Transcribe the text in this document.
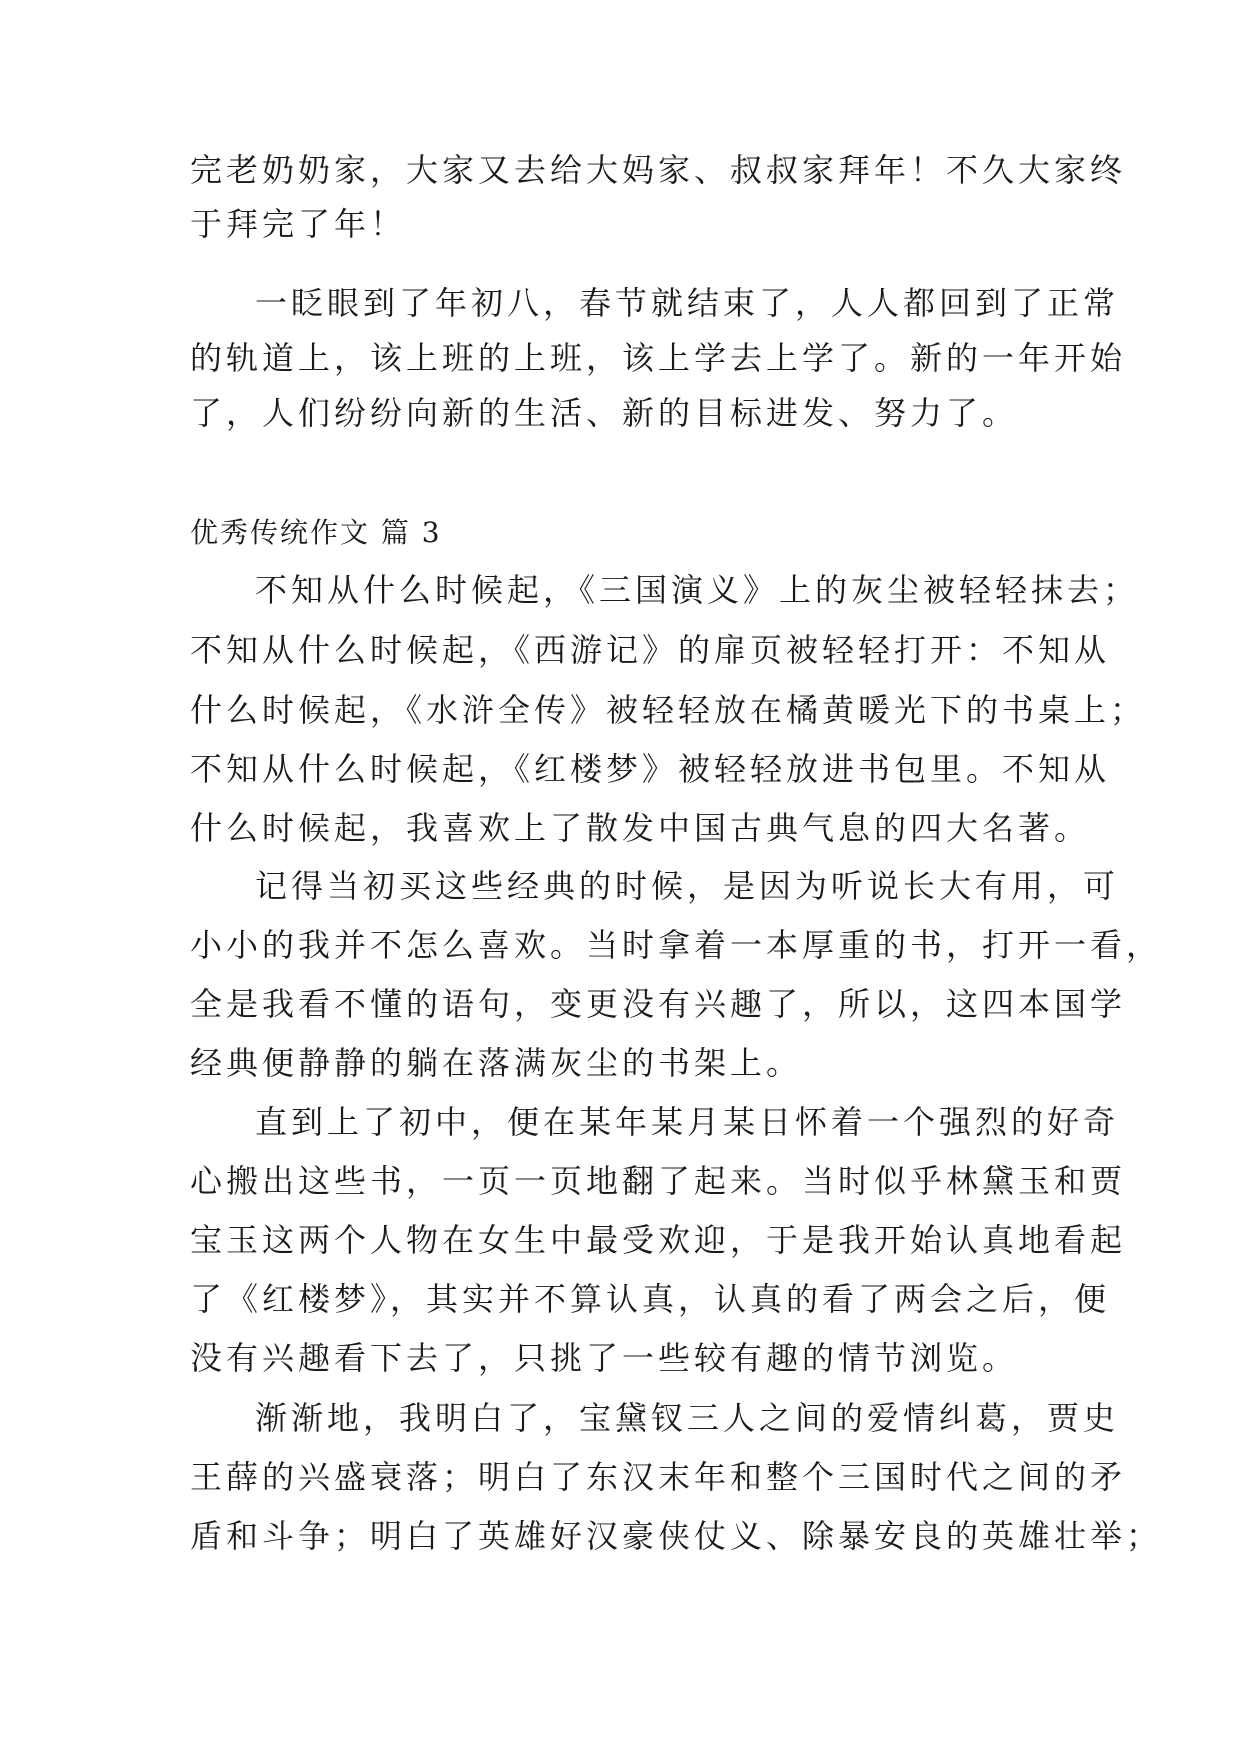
完老奶奶家，大家又去给大妈家、叔叔家拜年！不久大家终
于拜完了年！
一眨眼到了年初八，春节就结束了，人人都回到了正常
的轨道上，该上班的上班，该上学去上学了。新的一年开始
了，人们纷纷向新的生活、新的目标进发、努力了。
优秀传统作文 篇 3
不知从什么时候起，《三国演义》上的灰尘被轻轻抹去；
不知从什么时候起，《西游记》的扉页被轻轻打开：不知从
什么时候起，《水浒全传》被轻轻放在橘黄暖光下的书桌上；
不知从什么时候起，《红楼梦》被轻轻放进书包里。不知从
什么时候起，我喜欢上了散发中国古典气息的四大名著。
记得当初买这些经典的时候，是因为听说长大有用，可
小小的我并不怎么喜欢。当时拿着一本厚重的书，打开一看，
全是我看不懂的语句，变更没有兴趣了，所以，这四本国学
经典便静静的躺在落满灰尘的书架上。
直到上了初中，便在某年某月某日怀着一个强烈的好奇
心搬出这些书，一页一页地翻了起来。当时似乎林黛玉和贾
宝玉这两个人物在女生中最受欢迎，于是我开始认真地看起
了《红楼梦》，其实并不算认真，认真的看了两会之后，便
没有兴趣看下去了，只挑了一些较有趣的情节浏览。
渐渐地，我明白了，宝黛钗三人之间的爱情纠葛，贾史
王薛的兴盛衰落；明白了东汉末年和整个三国时代之间的矛
盾和斗争；明白了英雄好汉豪侠仗义、除暴安良的英雄壮举；
